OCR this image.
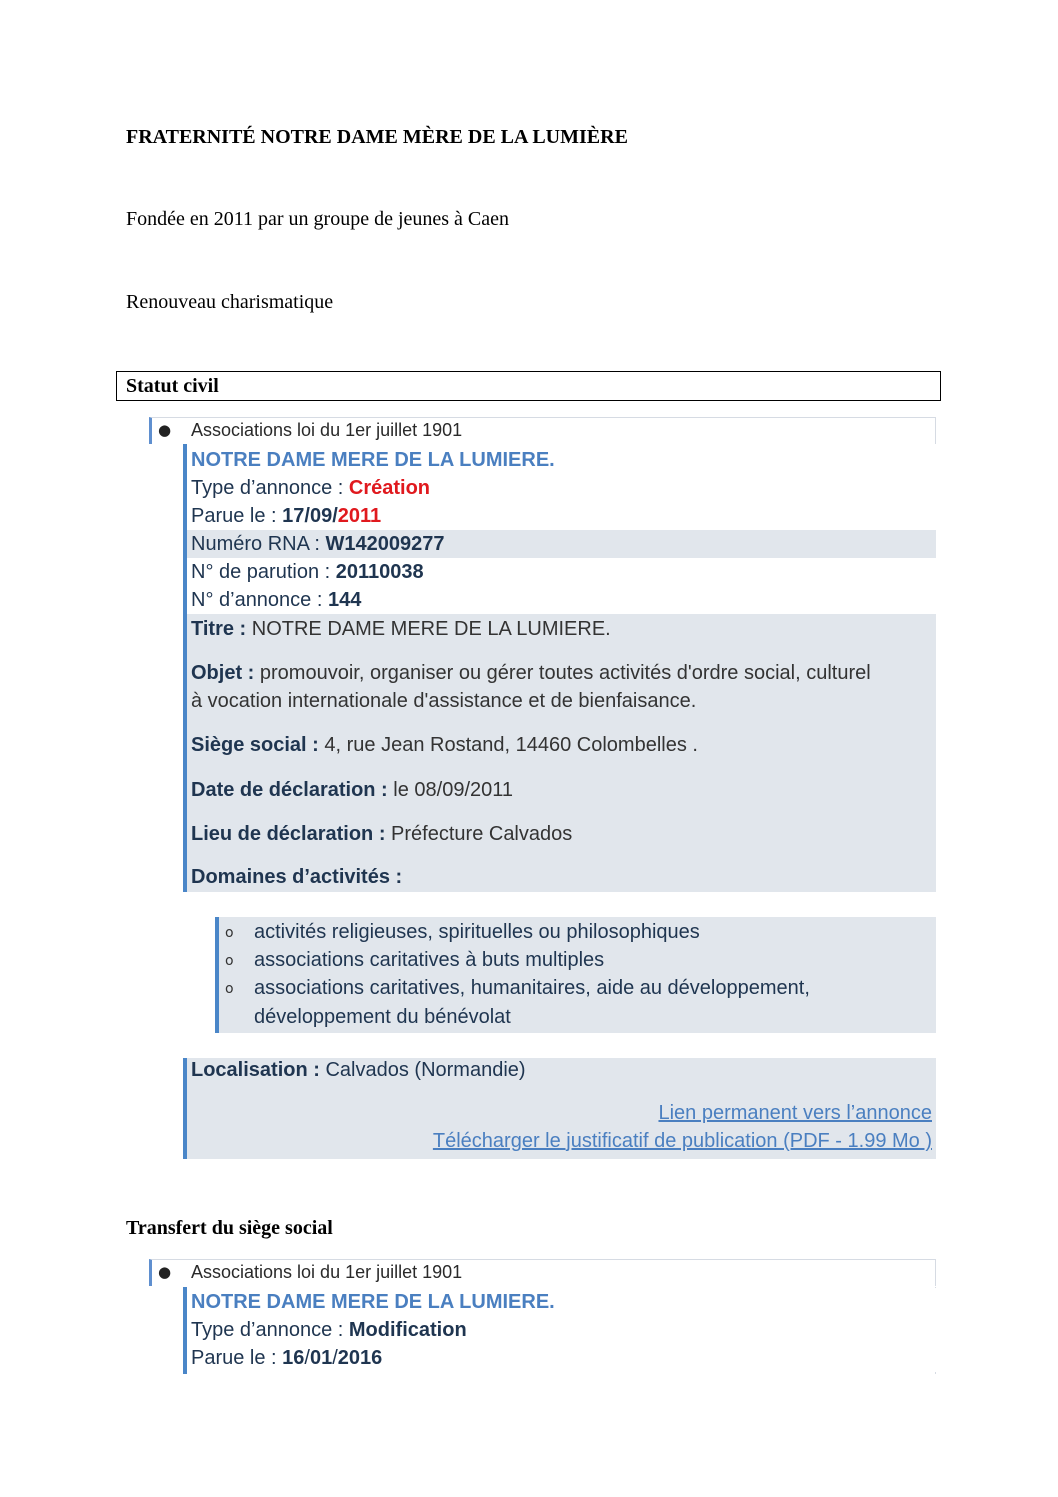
FRATERNITÉ NOTRE DAME MÈRE DE LA LUMIÈRE
Fondée en 2011 par un groupe de jeunes à Caen
Renouveau charismatique
Statut civil
● Associations loi du 1er juillet 1901
NOTRE DAME MERE DE LA LUMIERE.
Type d’annonce : Création
Parue le : 17/09/2011
Numéro RNA : W142009277
N° de parution : 20110038
N° d’annonce : 144
Titre : NOTRE DAME MERE DE LA LUMIERE.
Objet : promouvoir, organiser ou gérer toutes activités d'ordre social, culturel
à vocation internationale d'assistance et de bienfaisance.
Siège social : 4, rue Jean Rostand, 14460 Colombelles .
Date de déclaration : le 08/09/2011
Lieu de déclaration : Préfecture Calvados
Domaines d’activités :
o activités religieuses, spirituelles ou philosophiques
o associations caritatives à buts multiples
o associations caritatives, humanitaires, aide au développement,
développement du bénévolat
Localisation : Calvados (Normandie)
Lien permanent vers l’annonce
Télécharger le justificatif de publication (PDF - 1.99 Mo )
Transfert du siège social
● Associations loi du 1er juillet 1901
NOTRE DAME MERE DE LA LUMIERE.
Type d’annonce : Modification
Parue le : 16/01/2016
